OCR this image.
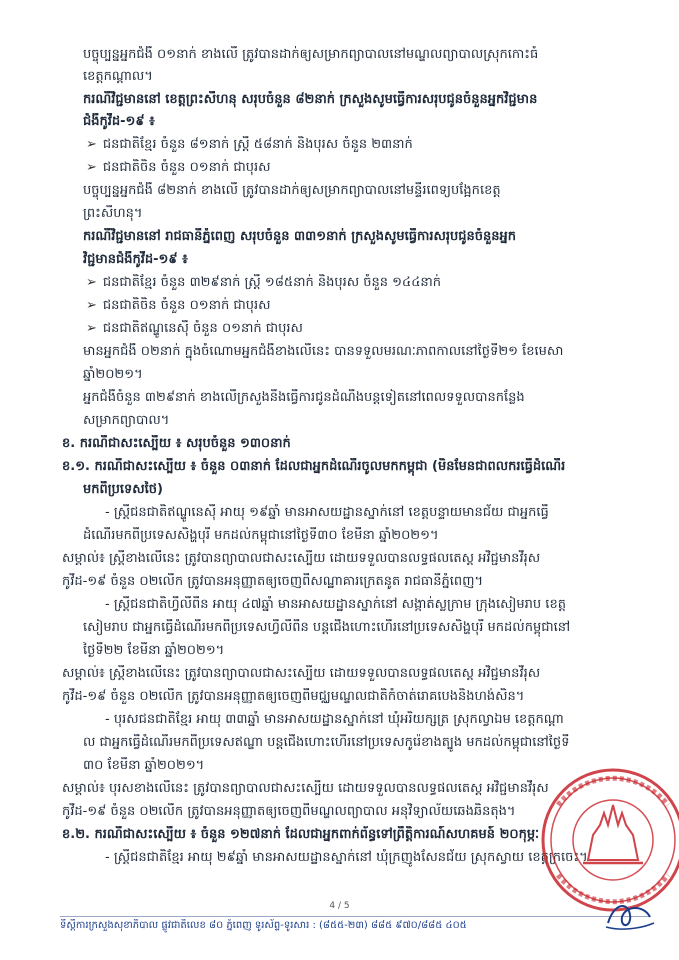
បច្ចុប្បន្នអ្នកជំងឺ ០១នាក់ ខាងលើ ត្រូវបានដាក់ឲ្យសម្រាកព្យាបាលនៅមណ្ឌលព្យាបាលស្រុកកោះធំ
ខេត្តកណ្តាល។
ករណីវិជ្ជមាននៅ ខេត្តព្រះសីហនុ សរុបចំនួន ៨២នាក់ ក្រសួងសូមធ្វើការសរុបជូនចំនួនអ្នកវិជ្ជមាន
ជំងឺកូវីដ-១៩ ៖
➢ ជនជាតិខ្មែរ ចំនួន ៨១នាក់ ស្ត្រី ៥៨នាក់ និងបុរស ចំនួន ២៣នាក់
➢ ជនជាតិចិន ចំនួន ០១នាក់ ជាបុរស
បច្ចុប្បន្នអ្នកជំងឺ ៨២នាក់ ខាងលើ ត្រូវបានដាក់ឲ្យសម្រាកព្យាបាលនៅមន្ទីរពេទ្យបង្អែកខេត្ត
ព្រះសីហនុ។
ករណីវិជ្ជមាននៅ រាជធានីភ្នំពេញ សរុបចំនួន ៣៣១នាក់ ក្រសួងសូមធ្វើការសរុបជូនចំនួនអ្នក
វិជ្ជមានជំងឺកូវីដ-១៩ ៖
➢ ជនជាតិខ្មែរ ចំនួន ៣២៩នាក់ ស្ត្រី ១៨៥នាក់ និងបុរស ចំនួន ១៤៤នាក់
➢ ជនជាតិចិន ចំនួន ០១នាក់ ជាបុរស
➢ ជនជាតិឥណ្ឌូនេស៊ី ចំនួន ០១នាក់ ជាបុរស
មានអ្នកជំងឺ ០២នាក់ ក្នុងចំណោមអ្នកជំងឺខាងលើនេះ បានទទួលមរណៈភាពកាលនៅថ្ងៃទី២១ ខែមេសា
ឆ្នាំ២០២១។
អ្នកជំងឺចំនួន ៣២៩នាក់ ខាងលើក្រសួងនឹងធ្វើការជូនដំណឹងបន្តទៀតនៅពេលទទួលបានកន្លែង
សម្រាកព្យាបាល។
ខ. ករណីជាសះស្បើយ ៖ សរុបចំនួន ១៣០នាក់
ខ.១. ករណីជាសះស្បើយ ៖ ចំនួន ០៣នាក់ ដែលជាអ្នកដំណើរចូលមកកម្ពុជា (មិនមែនជាពលករធ្វើដំណើរ
មកពីប្រទេសថៃ)
- ស្ត្រីជនជាតិឥណ្ឌូនេស៊ី អាយុ ១៩ឆ្នាំ មានអាសយដ្ឋានស្នាក់នៅ ខេត្តបន្ទាយមានជ័យ ជាអ្នកធ្វើ
ដំណើរមកពីប្រទេសសិង្ហបុរី មកដល់កម្ពុជានៅថ្ងៃទី៣០ ខែមីនា ឆ្នាំ២០២១។
សម្គាល់៖ ស្ត្រីខាងលើនេះ ត្រូវបានព្យាបាលជាសះស្បើយ ដោយទទួលបានលទ្ធផលតេស្ត អវិជ្ជមានវីរុស
កូវីដ-១៩ ចំនួន ០២លើក ត្រូវបានអនុញ្ញាតឲ្យចេញពីសណ្ឋាគារក្រេតនូត រាជធានីភ្នំពេញ។
- ស្ត្រីជនជាតិហ្វីលីពីន អាយុ ៤៧ឆ្នាំ មានអាសយដ្ឋានស្នាក់នៅ សង្កាត់ស្លក្រាម ក្រុងសៀមរាប ខេត្ត
សៀមរាប ជាអ្នកធ្វើដំណើរមកពីប្រទេសហ្វីលីពីន បន្តជើងហោះហើរនៅប្រទេសសិង្ហបុរី មកដល់កម្ពុជានៅ
ថ្ងៃទី២២ ខែមីនា ឆ្នាំ២០២១។
សម្គាល់៖ ស្ត្រីខាងលើនេះ ត្រូវបានព្យាបាលជាសះស្បើយ ដោយទទួលបានលទ្ធផលតេស្ត អវិជ្ជមានវីរុស
កូវីដ-១៩ ចំនួន ០២លើក ត្រូវបានអនុញ្ញាតឲ្យចេញពីមជ្ឈមណ្ឌលជាតិកំចាត់រោគបេងនិងហង់សិន។
- បុរសជនជាតិខ្មែរ អាយុ ៣៣ឆ្នាំ មានអាសយដ្ឋានស្នាក់នៅ ឃុំអរិយក្សត្រ ស្រុកល្វាឯម ខេត្តកណ្តា
ល ជាអ្នកធ្វើដំណើរមកពីប្រទេសឥណ្ឌា បន្តជើងហោះហើរនៅប្រទេសកូរ៉េខាងត្បូង មកដល់កម្ពុជានៅថ្ងៃទី
៣០ ខែមីនា ឆ្នាំ២០២១។
សម្គាល់៖ បុរសខាងលើនេះ ត្រូវបានព្យាបាលជាសះស្បើយ ដោយទទួលបានលទ្ធផលតេស្ត អវិជ្ជមានវីរុស
កូវីដ-១៩ ចំនួន ០២លើក ត្រូវបានអនុញ្ញាតឲ្យចេញពីមណ្ឌលព្យាបាល អនុវិទ្យាល័យឆេងឆិនតុង។
ខ.២. ករណីជាសះស្បើយ ៖ ចំនួន ១២៧នាក់ ដែលជាអ្នកពាក់ព័ន្ធទៅព្រឹត្តិការណ៍សហគមន៍ ២០កុម្ភៈ
- ស្ត្រីជនជាតិខ្មែរ អាយុ ២៩ឆ្នាំ មានអាសយដ្ឋានស្នាក់នៅ ឃុំក្រញូងសែនជ័យ ស្រុកស្វាយ ខេត្តក្រចេះ។
4 / 5
ទីស្តីការក្រសួងសុខាភិបាល ផ្លូវជាតិលេខ ៨០ ភ្នំពេញ ទូរស័ព្ទ-ទូរសារ : (៨៥៥-២៣) ៨៨៥ ៩៧០/៨៨៥ ៤០៥
